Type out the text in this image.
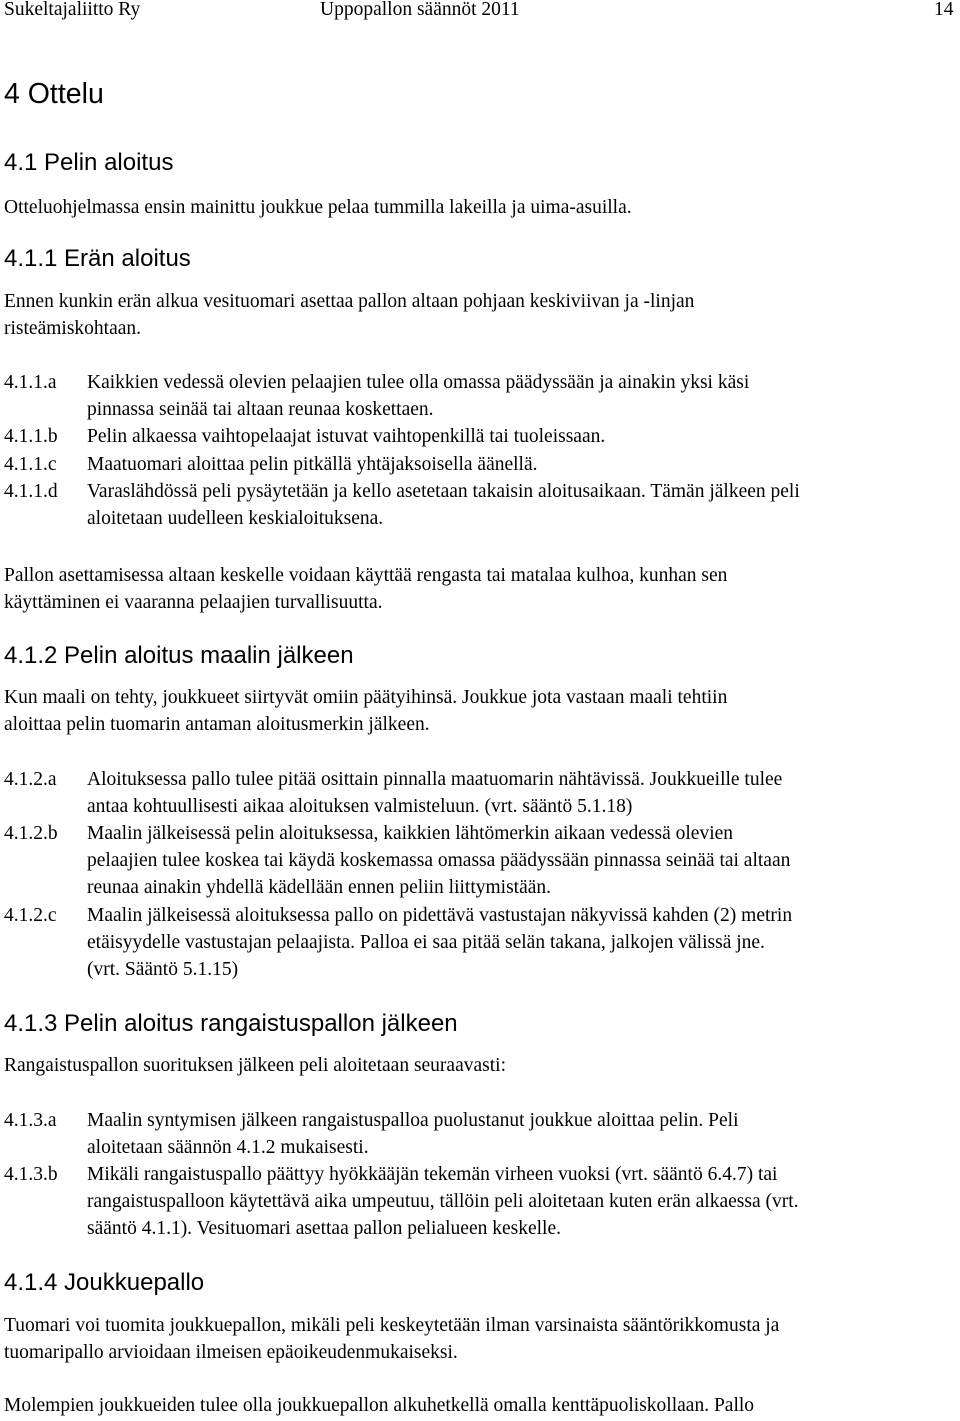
Sukeltajaliitto Ry	Uppopallon säännöt 2011	14
4 Ottelu
4.1 Pelin aloitus
Otteluohjelmassa ensin mainittu joukkue pelaa tummilla lakeilla ja uima-asuilla.
4.1.1 Erän aloitus
Ennen kunkin erän alkua vesituomari asettaa pallon altaan pohjaan keskiviivan ja -linjan
risteämiskohtaan.
4.1.1.a Kaikkien vedessä olevien pelaajien tulee olla omassa päädyssään ja ainakin yksi käsi
pinnassa seinää tai altaan reunaa koskettaen.
4.1.1.b Pelin alkaessa vaihtopelaajat istuvat vaihtopenkillä tai tuoleissaan.
4.1.1.c Maatuomari aloittaa pelin pitkällä yhtäjaksoisella äänellä.
4.1.1.d Varaslähdössä peli pysäytetään ja kello asetetaan takaisin aloitusaikaan. Tämän jälkeen peli
aloitetaan uudelleen keskialoituksena.
Pallon asettamisessa altaan keskelle voidaan käyttää rengasta tai matalaa kulhoa, kunhan sen
käyttäminen ei vaaranna pelaajien turvallisuutta.
4.1.2 Pelin aloitus maalin jälkeen
Kun maali on tehty, joukkueet siirtyvät omiin päätyihinsä. Joukkue jota vastaan maali tehtiin
aloittaa pelin tuomarin antaman aloitusmerkin jälkeen.
4.1.2.a Aloituksessa pallo tulee pitää osittain pinnalla maatuomarin nähtävissä. Joukkueille tulee
antaa kohtuullisesti aikaa aloituksen valmisteluun. (vrt. sääntö 5.1.18)
4.1.2.b Maalin jälkeisessä pelin aloituksessa, kaikkien lähtömerkin aikaan vedessä olevien
pelaajien tulee koskea tai käydä koskemassa omassa päädyssään pinnassa seinää tai altaan
reunaa ainakin yhdellä kädellään ennen peliin liittymistään.
4.1.2.c Maalin jälkeisessä aloituksessa pallo on pidettävä vastustajan näkyvissä kahden (2) metrin
etäisyydelle vastustajan pelaajista. Palloa ei saa pitää selän takana, jalkojen välissä jne.
(vrt. Sääntö 5.1.15)
4.1.3 Pelin aloitus rangaistuspallon jälkeen
Rangaistuspallon suorituksen jälkeen peli aloitetaan seuraavasti:
4.1.3.a Maalin syntymisen jälkeen rangaistuspalloa puolustanut joukkue aloittaa pelin. Peli
aloitetaan säännön 4.1.2 mukaisesti.
4.1.3.b Mikäli rangaistuspallo päättyy hyökkääjän tekemän virheen vuoksi (vrt. sääntö 6.4.7) tai
rangaistuspalloon käytettävä aika umpeutuu, tällöin peli aloitetaan kuten erän alkaessa (vrt.
sääntö 4.1.1). Vesituomari asettaa pallon pelialueen keskelle.
4.1.4 Joukkuepallo
Tuomari voi tuomita joukkuepallon, mikäli peli keskeytetään ilman varsinaista sääntörikkomusta ja
tuomaripallo arvioidaan ilmeisen epäoikeudenmukaiseksi.
Molempien joukkueiden tulee olla joukkuepallon alkuhetkellä omalla kenttäpuoliskollaan. Pallo
